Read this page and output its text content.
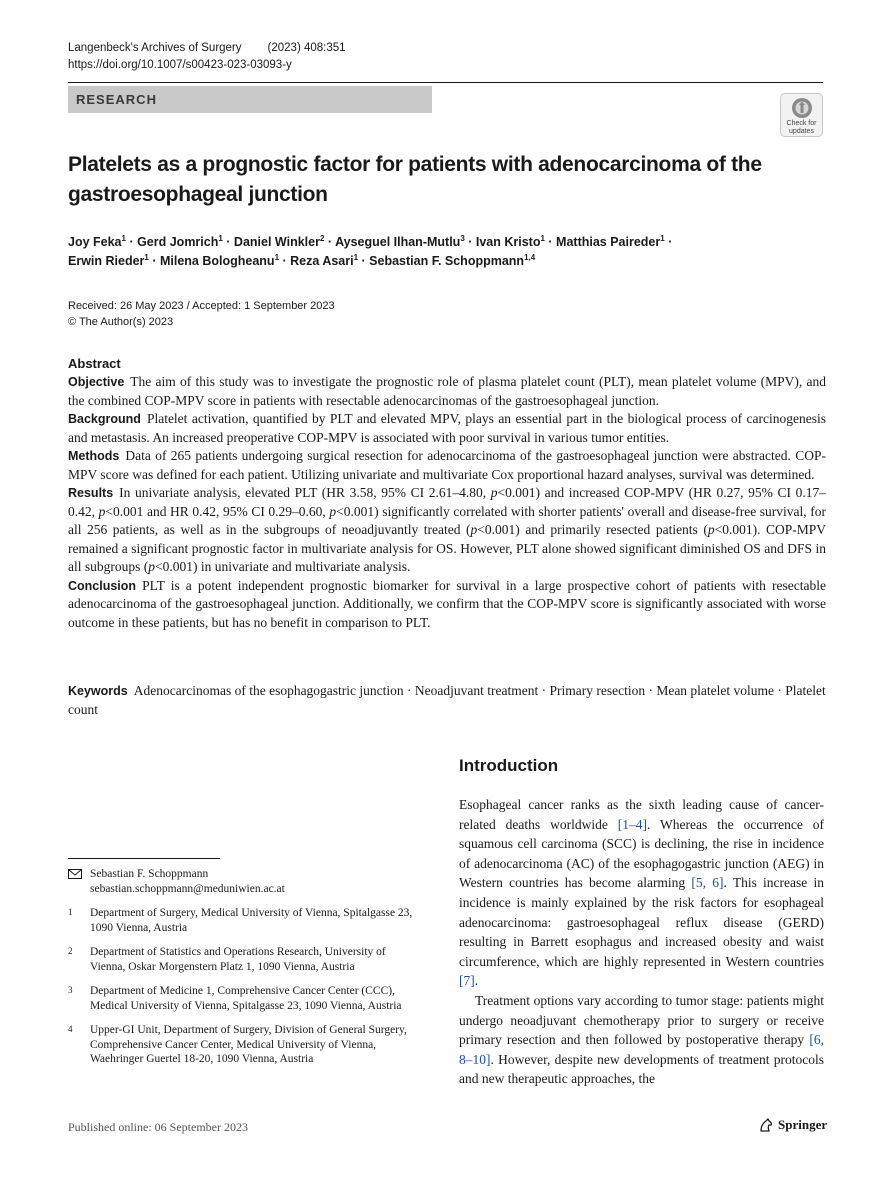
Langenbeck's Archives of Surgery (2023) 408:351
https://doi.org/10.1007/s00423-023-03093-y
RESEARCH
Check for
updates
Platelets as a prognostic factor for patients with adenocarcinoma of the gastroesophageal junction
Joy Feka$^1$ · Gerd Jomrich$^1$ · Daniel Winkler$^2$ · Ayseguel Ilhan-Mutlu$^3$ · Ivan Kristo$^1$ · Matthias Paireder$^1$ ·
Erwin Rieder$^1$ · Milena Bologheanu$^1$ · Reza Asari$^1$ · Sebastian F. Schoppmann$^{1,4}$
Received: 26 May 2023 / Accepted: 1 September 2023
© The Author(s) 2023
Abstract

Objective The aim of this study was to investigate the prognostic role of plasma platelet count (PLT), mean platelet volume (MPV), and the combined COP-MPV score in patients with resectable adenocarcinomas of the gastroesophageal junction.

Background Platelet activation, quantified by PLT and elevated MPV, plays an essential part in the biological process of carcinogenesis and metastasis. An increased preoperative COP-MPV is associated with poor survival in various tumor entities.

Methods Data of 265 patients undergoing surgical resection for adenocarcinoma of the gastroesophageal junction were abstracted. COP-MPV score was defined for each patient. Utilizing univariate and multivariate Cox proportional hazard analyses, survival was determined.

Results In univariate analysis, elevated PLT (HR 3.58, 95% CI 2.61–4.80, p<0.001) and increased COP-MPV (HR 0.27, 95% CI 0.17–0.42, p<0.001 and HR 0.42, 95% CI 0.29–0.60, p<0.001) significantly correlated with shorter patients' overall and disease-free survival, for all 256 patients, as well as in the subgroups of neoadjuvantly treated (p<0.001) and primarily resected patients (p<0.001). COP-MPV remained a significant prognostic factor in multivariate analysis for OS. However, PLT alone showed significant diminished OS and DFS in all subgroups (p<0.001) in univariate and multivariate analysis.

Conclusion PLT is a potent independent prognostic biomarker for survival in a large prospective cohort of patients with resectable adenocarcinoma of the gastroesophageal junction. Additionally, we confirm that the COP-MPV score is significantly associated with worse outcome in these patients, but has no benefit in comparison to PLT.

Keywords Adenocarcinomas of the esophagogastric junction · Neoadjuvant treatment · Primary resection · Mean platelet volume · Platelet count
Introduction

Esophageal cancer ranks as the sixth leading cause of cancer-related deaths worldwide [1–4]. Whereas the occurrence of squamous cell carcinoma (SCC) is declining, the rise in incidence of adenocarcinoma (AC) of the esophagogastric junction (AEG) in Western countries has become alarming [5, 6]. This increase in incidence is mainly explained by the risk factors for esophageal adenocarcinoma: gastroesophageal reflux disease (GERD) resulting in Barrett esophagus and increased obesity and waist circumference, which are highly represented in Western countries [7].

Treatment options vary according to tumor stage: patients might undergo neoadjuvant chemotherapy prior to surgery or receive primary resection and then followed by postoperative therapy [6, 8–10]. However, despite new developments of treatment protocols and new therapeutic approaches, the

Sebastian F. Schoppmann
sebastian.schoppmann@meduniwien.ac.at
1	Department of Surgery, Medical University of Vienna, Spitalgasse 23, 1090 Vienna, Austria
2	Department of Statistics and Operations Research, University of Vienna, Oskar Morgenstern Platz 1, 1090 Vienna, Austria
3	Department of Medicine 1, Comprehensive Cancer Center (CCC), Medical University of Vienna, Spitalgasse 23, 1090 Vienna, Austria
4	Upper-GI Unit, Department of Surgery, Division of General Surgery, Comprehensive Cancer Center, Medical University of Vienna, Waehringer Guertel 18-20, 1090 Vienna, Austria
Published online: 06 September 2023	Springer
